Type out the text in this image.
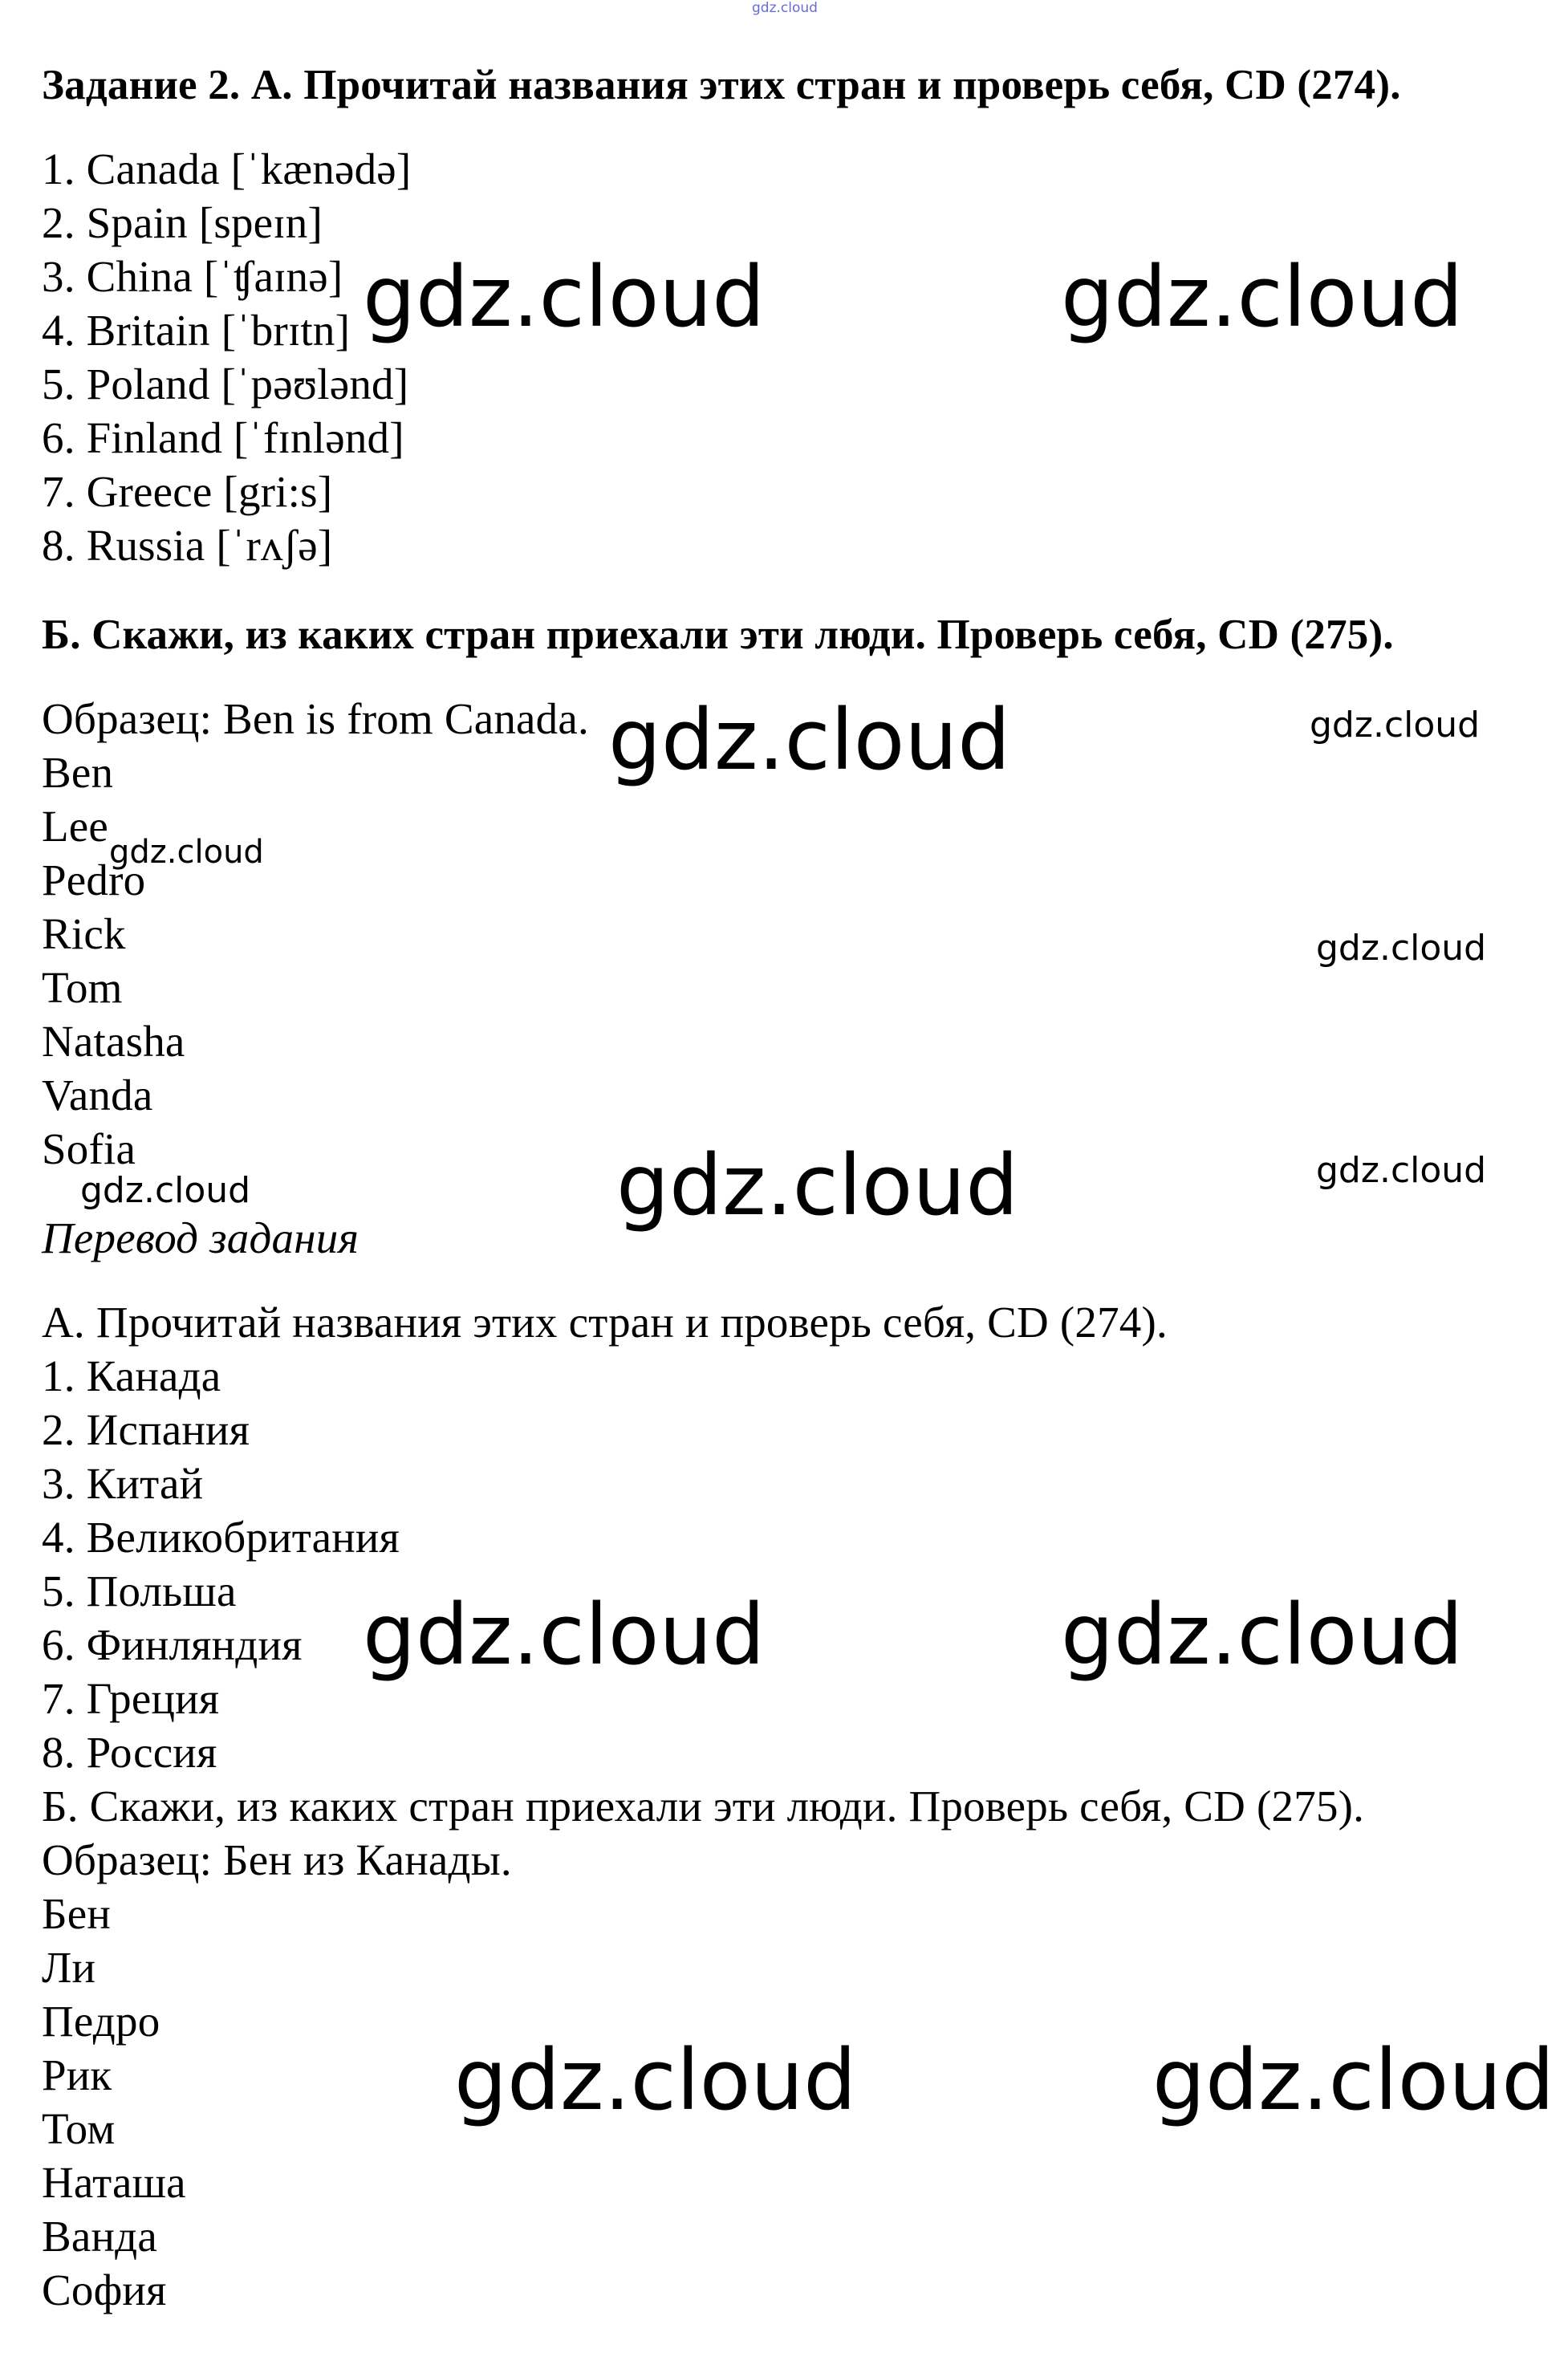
gdz.cloud
Задание 2. А. Прочитай названия этих стран и проверь себя, CD (274).
1. Canada [ˈkænədə]
2. Spain [speɪn]
3. China [ˈʧaɪnə]
4. Britain [ˈbrɪtn]
5. Poland [ˈpəʊlənd]
6. Finland [ˈfɪnlənd]
7. Greece [gri:s]
8. Russia [ˈrʌʃə]
Б. Скажи, из каких стран приехали эти люди. Проверь себя, CD (275).
Образец: Ben is from Canada.
Ben
Lee
Pedro
Rick
Tom
Natasha
Vanda
Sofia
Перевод задания
А. Прочитай названия этих стран и проверь себя, CD (274).
1. Канада
2. Испания
3. Китай
4. Великобритания
5. Польша
6. Финляндия
7. Греция
8. Россия
Б. Скажи, из каких стран приехали эти люди. Проверь себя, CD (275).
Образец: Бен из Канады.
Бен
Ли
Педро
Рик
Том
Наташа
Ванда
София
gdz.cloud	gdz.cloud
gdz.cloud	gdz.cloud
gdz.cloud
gdz.cloud
gdz.cloud
gdz.cloud	gdz.cloud
gdz.cloud	gdz.cloud
gdz.cloud	gdz.cloud
